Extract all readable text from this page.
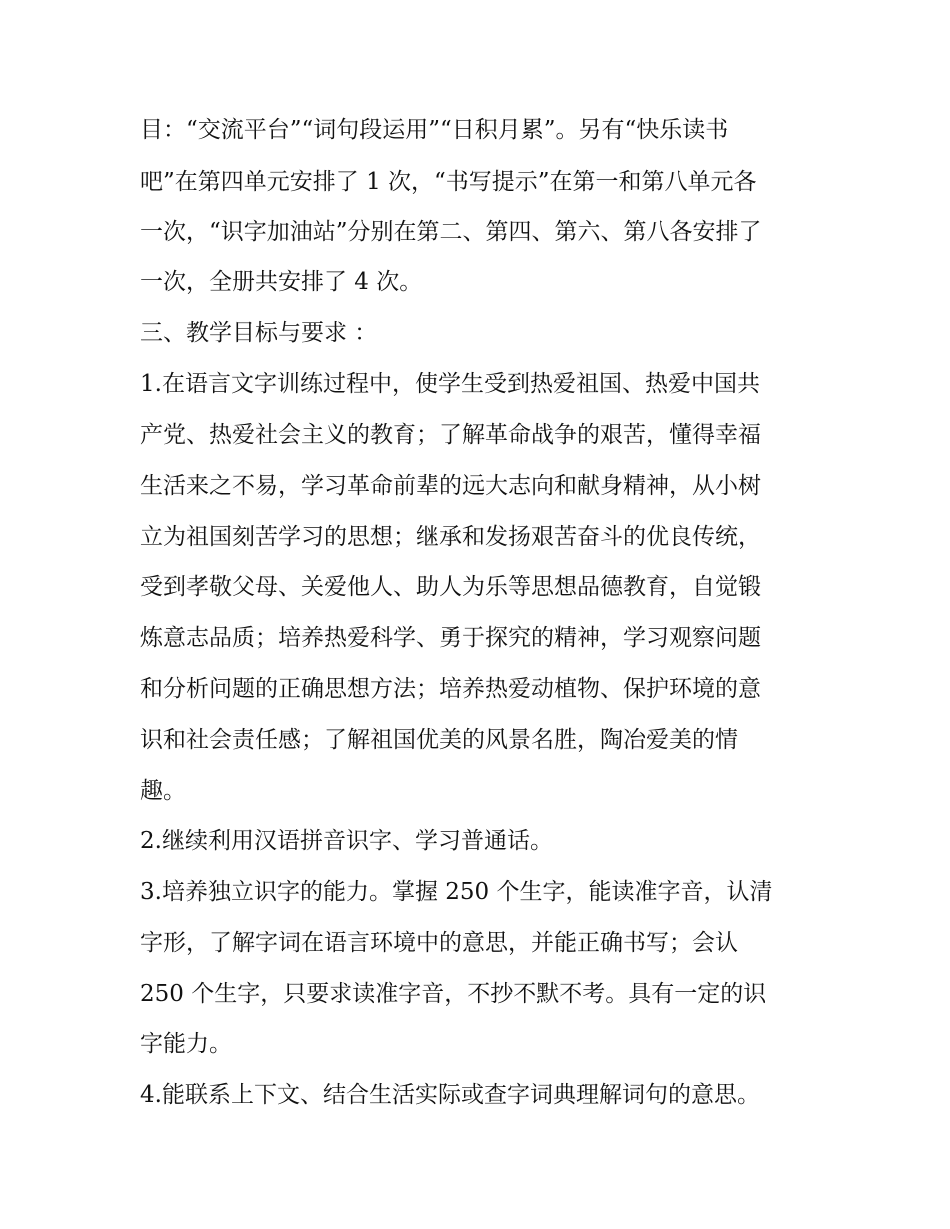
目：“交流平台”“词句段运用”“日积月累”。另有“快乐读书
吧”在第四单元安排了 1 次，“书写提示”在第一和第八单元各
一次，“识字加油站”分别在第二、第四、第六、第八各安排了
一次，全册共安排了 4 次。
三、教学目标与要求 ：
1.在语言文字训练过程中，使学生受到热爱祖国、热爱中国共
产党、热爱社会主义的教育；了解革命战争的艰苦，懂得幸福
生活来之不易，学习革命前辈的远大志向和献身精神，从小树
立为祖国刻苦学习的思想；继承和发扬艰苦奋斗的优良传统，
受到孝敬父母、关爱他人、助人为乐等思想品德教育，自觉锻
炼意志品质；培养热爱科学、勇于探究的精神，学习观察问题
和分析问题的正确思想方法；培养热爱动植物、保护环境的意
识和社会责任感；了解祖国优美的风景名胜，陶冶爱美的情
趣。
2.继续利用汉语拼音识字、学习普通话。
3.培养独立识字的能力。掌握 250 个生字，能读准字音，认清
字形，了解字词在语言环境中的意思，并能正确书写；会认
250 个生字，只要求读准字音，不抄不默不考。具有一定的识
字能力。
4.能联系上下文、结合生活实际或查字词典理解词句的意思。
